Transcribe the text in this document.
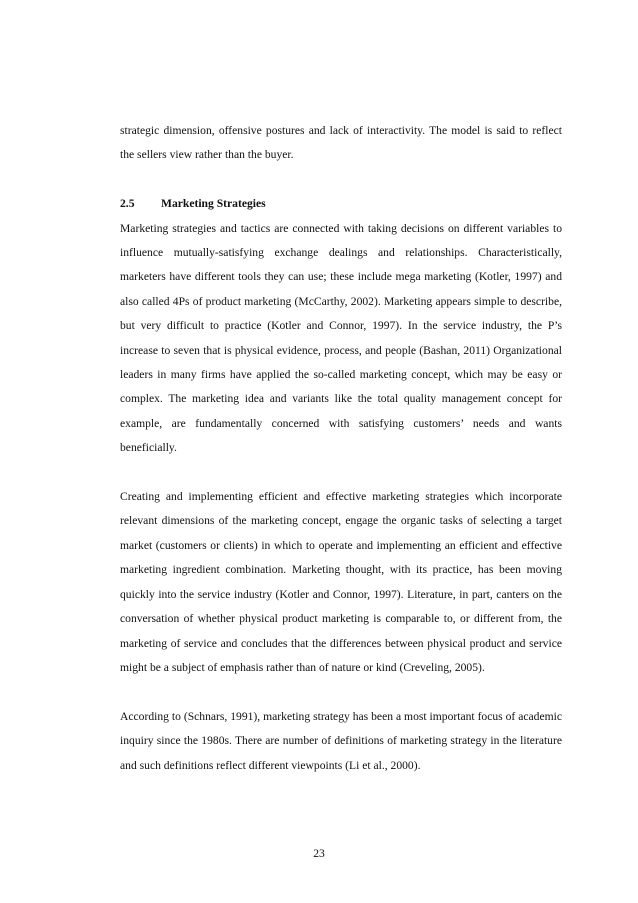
strategic dimension, offensive postures and lack of interactivity. The model is said to reflect the sellers view rather than the buyer.

2.5	Marketing Strategies

Marketing strategies and tactics are connected with taking decisions on different variables to influence mutually-satisfying exchange dealings and relationships. Characteristically, marketers have different tools they can use; these include mega marketing (Kotler, 1997) and also called 4Ps of product marketing (McCarthy, 2002). Marketing appears simple to describe, but very difficult to practice (Kotler and Connor, 1997). In the service industry, the P’s increase to seven that is physical evidence, process, and people (Bashan, 2011) Organizational leaders in many firms have applied the so-called marketing concept, which may be easy or complex. The marketing idea and variants like the total quality management concept for example, are fundamentally concerned with satisfying customers’ needs and wants beneficially.

Creating and implementing efficient and effective marketing strategies which incorporate relevant dimensions of the marketing concept, engage the organic tasks of selecting a target market (customers or clients) in which to operate and implementing an efficient and effective marketing ingredient combination. Marketing thought, with its practice, has been moving quickly into the service industry (Kotler and Connor, 1997). Literature, in part, canters on the conversation of whether physical product marketing is comparable to, or different from, the marketing of service and concludes that the differences between physical product and service might be a subject of emphasis rather than of nature or kind (Creveling, 2005).

According to (Schnars, 1991), marketing strategy has been a most important focus of academic inquiry since the 1980s. There are number of definitions of marketing strategy in the literature and such definitions reflect different viewpoints (Li et al., 2000).

23
